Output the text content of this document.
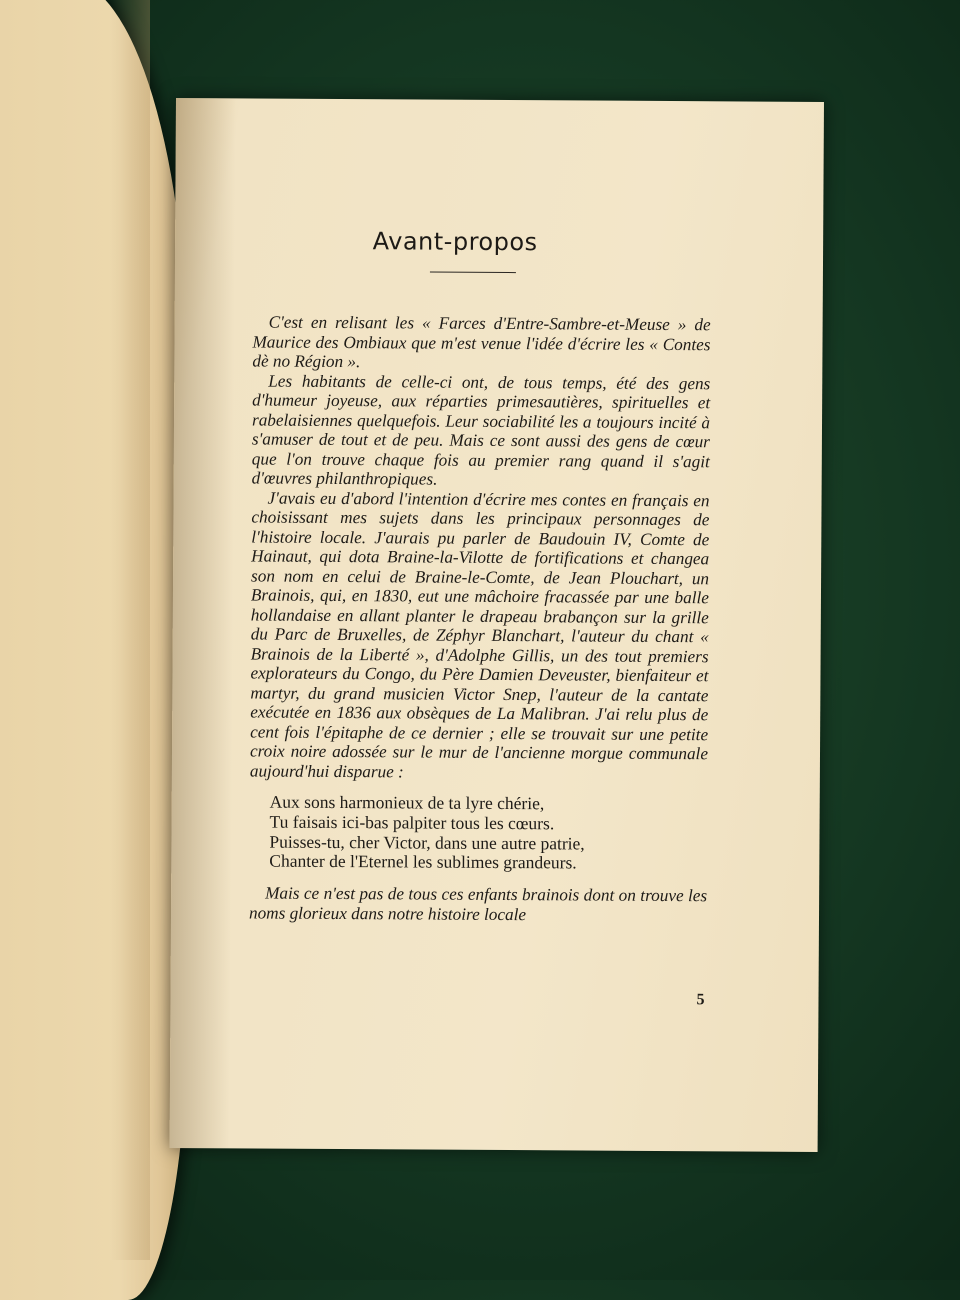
Avant-propos

C'est en relisant les « Farces d'Entre-Sambre-et-Meuse » de Maurice des Ombiaux que m'est venue l'idée d'écrire les « Contes dè no Région ».

Les habitants de celle-ci ont, de tous temps, été des gens d'humeur joyeuse, aux réparties primesautières, spirituelles et rabelaisiennes quelquefois. Leur sociabilité les a toujours incité à s'amuser de tout et de peu. Mais ce sont aussi des gens de cœur que l'on trouve chaque fois au premier rang quand il s'agit d'œuvres philanthropiques.

J'avais eu d'abord l'intention d'écrire mes contes en français en choisissant mes sujets dans les principaux personnages de l'histoire locale. J'aurais pu parler de Baudouin IV, Comte de Hainaut, qui dota Braine-la-Vilotte de fortifications et changea son nom en celui de Braine-le-Comte, de Jean Plouchart, un Brainois, qui, en 1830, eut une mâchoire fracassée par une balle hollandaise en allant planter le drapeau brabançon sur la grille du Parc de Bruxelles, de Zéphyr Blanchart, l'auteur du chant « Brainois de la Liberté », d'Adolphe Gillis, un des tout premiers explorateurs du Congo, du Père Damien Deveuster, bienfaiteur et martyr, du grand musicien Victor Snep, l'auteur de la cantate exécutée en 1836 aux obsèques de La Malibran. J'ai relu plus de cent fois l'épitaphe de ce dernier ; elle se trouvait sur une petite croix noire adossée sur le mur de l'ancienne morgue communale aujourd'hui disparue :

Aux sons harmonieux de ta lyre chérie,
Tu faisais ici-bas palpiter tous les cœurs.
Puisses-tu, cher Victor, dans une autre patrie,
Chanter de l'Eternel les sublimes grandeurs.

Mais ce n'est pas de tous ces enfants brainois dont on trouve les noms glorieux dans notre histoire locale

5
